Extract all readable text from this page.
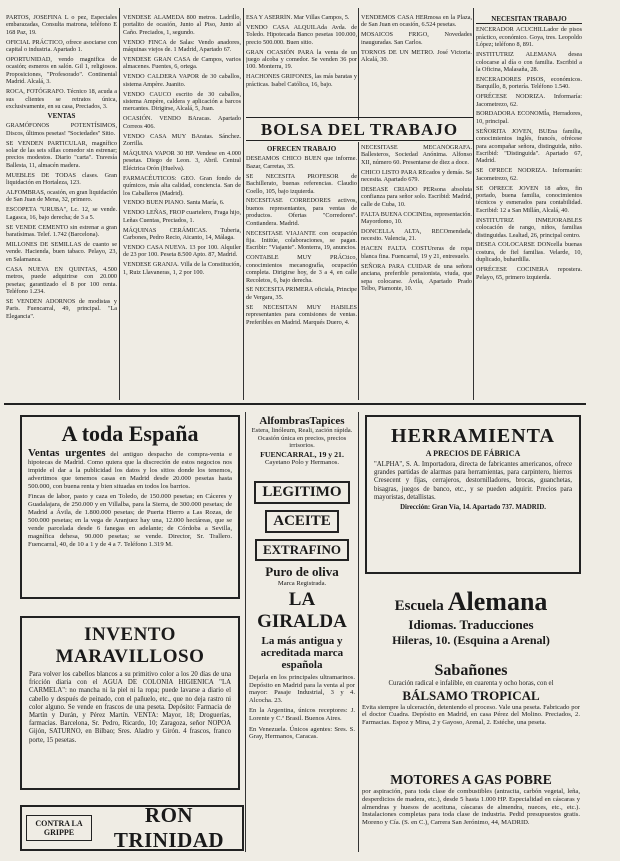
PARTOS, JOSEFINA L o pez, Especiales embarazadas, Consulta matrona, teléfono E 168 Paz, 19.

OFICIAL PRÁCTICO, ofrece asociarse con capital o industria. Apartado 1.

OPORTUNIDAD, vendo magnifica de ocasión; esmeros en salón. Gil 1, religiosos. Proposiciones, "Profesorado". Continental Madrid. Alcalá, 3.

ROCA, FOTÓGRAFO. Técnico 18, acuda a sus clientes se retratos única, exclusivamente, en su casa, Preciados, 3.

VENTAS

GRAMÓFONOS POTENTÍSIMOS, Discos, últimos pesetas! "Sociedades" Sitio.

SE VENDEN PARTICULAR, magnífico solar de las seis sillas comedor sin estrenar; precios modestos. Diario "carta". Travesía Ballesta, 11, almacén madera.

MUEBLES DE TODAS clases. Gran liquidación en Hortaleza, 123.

ALFOMBRAS, ocasión, en gran liquidación de San Juan de Mena, 32, primero.

ESCOPETA "URUBA", Lc. 12, se vende. Lagasca, 16, bajo derecha; de 3 a 5.

SE VENDE CEMENTO sin estrenar a gran baratísimas. Telef. 1.742 (Barcelona).

MILLONES DE SEMILLAS de cuanto se vende. Hacienda, buen tabaco. Pelayo, 23, en Salamanca.

CASA NUEVA EN QUINTAS, 4.500 metros, puede adquirirse con 20.000 pesetas; garantizado el 8 por 100 renta. Teléfono 1.234.

SE VENDEN ADORNOS de modistas y Paris. Fuencarral, 49, principal. "La Elegancia".

VENDESE ALAMEDA 800 metros. Ladrillo, portalito de ocasión, Junto al Piso, Junto al Caño. Preciados, 1, segundo.

VENDO FINCA de Salas: Vendo anadores, máquinas viejos de. 1 Madrid, Apartado 67.

VENDESE GRAN CASA de Campos, varios almacenes. Fuentes, 6, ortega.

VENDO CALDERA VAPOR de 30 caballos, sistema Ampère. Juanito.

VENDO CAUCO escrito de 30 caballos, sistema Ampère, caldera y aplicación a barcos mercantes. Dirigirse, Alcalá, 5, Juan.

OCASIÓN. VENDO BAracas. Apartado Correos 406.

VENDO CASA MUY BAratas. Sánchez. Zorrilla.

MÁQUINA VAPOR 30 HP. Vendese en 4.000 pesetas. Diego de Leon. 3, Abril. Central Eléctrica Orón (Huelva).

FARMACÉUTICOS: GEO. Gran fondo de químicos, más alta calidad, conciencia. San de los Caballeros (Madrid).

VENDO BUEN PIANO. Santa María, 6.

VENDO LEÑAS, FROP cuartelero, Fraga hijo, Leñas Cuentas, Preciados, 1.

MÁQUINAS CERÁMICAS. Tuberia, Carbones, Pedro Recio, Aicanto, 14, Málaga.

VENDO CASA NUEVA. 13 por 100. Alquiler de 23 por 100. Peseta 8.500 Apto. 87, Madrid.

VENDESE GRANJA. Villa de la Constitución, 1, Ruiz Llavaneras, 1, 2 por 100.

ESA Y ASERRÍN. Mar Villas Campos, 5.

VENDO CASA ALQUILAda Avda. de Toledo. Hipotecada Banco pesetas 100.000, precio 500.000. Buen sitio.

GRAN OCASIÓN PARA la venta de un juego alcoba y comedor. Se venden 36 por 100. Monterra, 19.

HACHONES GRIFONES, las más baratas y prácticas. Isabel Católica, 16, bajo.

VENDEMOS CASA HERmosa en la Plaza, de San Juan en ocasión, 6.524 pesetas.

MOSAICOS FRIGO, Novedades inauguradas. San Carlos.

TORNOS DE UN METRO. José Victoria. Alcalá, 30.

BOLSA DEL TRABAJO
OFRECEN TRABAJO

DESEAMOS CHICO BUEN que informe. Bazar, Carretas, 35.

SE NECESITA PROFESOR de Bachillerato, buenas referencias. Claudio Coello, 105, bajo izquierda.

NECESITASE CORREDORES activos, buenos representantes, para ventas de productos. Ofertas "Corredores". Contiandera. Madrid.

NECESITASE VIAJANTE con ocupación fija. Intitúe, colaboraciones, se pagan. Escribir: "Viajante". Monterra, 19, anuncios.

CONTABLE MUY PRÁCtico, conocimientos mecanografía, ocupación completa. Dirigirse hoy, de 3 a 4, en calle Recoletos, 6, bajo derecha.

SE NECESITA PRIMERA oficiala, Principe de Vergara, 35.

SE NECESITAN MUY HABILES representantes para comisiones de ventas. Preferibles en Madrid. Marqués Duero, 4.

NECESITASE MECANÓGRAFA. Ballesteros, Sociedad Anónima. Alfonso XII, número 60. Presentarse de diez a doce.

CHICO LISTO PARA REcados y demás. Se necesita. Apartado 679.

DESEASE CRIADO PERsona absoluta confianza para señor solo. Escribid: Madrid, calle de Cuba, 10.

FALTA BUENA COCINEra, representación. Mayordomo, 10.

DONCELLA ALTA, RECOmendada, necesito. Valencia, 21.

HACEN FALTA COSTUreras de ropa blanca fina. Fuencarral, 19 y 21, entresuelo.

SEÑORA PARA CUIDAR de una señora anciana, preferible pensionista, viuda, que sepa colocarse. Ávila, Apartado Prado Telbo, Piamonte, 10.

NECESITAN TRABAJO

ENCERADOR ACUCHILLador de pisos práctico, económico. Goya, tres. Leopoldo López; teléfono 8, 891.

INSTITUTRIZ ALEMANA desea colocarse al día o con familia. Escribid a la Oficina, Malasaña, 28.

ENCERADORES PISOS, económicos. Barquillo, 8, portería. Teléfono 1.540.

OFRÉCESE NODRIZA. Informaría: Jacometrezo, 62.

BORDADORA ECONOMÍa, Herradores, 10, principal.

SEÑORITA JOVEN, BUEna familia, conocimientos inglés, francés, ofrécese para acompañar señora, distinguida, niño. Escribid: "Distinguida". Apartado 67, Madrid.

SE OFRECE NODRIZA. Informarán: Jacometrezo, 62.

SE OFRECE JOVEN 18 años, fin portado, buena familia, conocimientos técnicos y esmerados para contabilidad. Escribid: 12 a San Millán, Alcalá, 40.

INSTITUTRIZ INMEJORABLES colocación de rango, niños, familias distinguidas. Lealtad, 26, principal centro.

DESEA COLOCARSE DONcella buenas costura, de fiel familias. Velarde, 10, duplicado, buhardilla.

OFRÉCESE COCINERA repostera. Pelayo, 65, primero izquierda.

A toda España
Ventas urgentes del antiguo despacho de compra-venta e hipotecas de Madrid. Como quiera que la discreción de estos negocios nos impide el dar a la publicidad los datos y los sitios donde los tenemos, advertimos que tenemos casas en Madrid desde 20.000 pesetas hasta 500.000, con buena renta y bien situadas en todos los barrios.
Fincas de labor, pasto y caza en Toledo, de 150.000 pesetas; en Cáceres y Guadalajara, de 250.000 y en Villalba, para la Sierra, de 300.000 pesetas; de Madrid a Ávila, de 1.800.000 pesetas; de Puerta Hierro a Las Rozas, de 500.000 pesetas; en la vega de Aranjuez hay una, 12.000 hectáreas, que se vende parcelada desde 6 fanegas en adelante; de Córdoba a Sevilla, magnífica dehesa, 90.000 pesetas; se vende. Director, Sr. Trallero. Fuencarral, 40, de 10 a 1 y de 4 a 7. Teléfono 1.319 M.
INVENTO MARAVILLOSO
Para volver los cabellos blancos a su primitivo color a los 20 días de una fricción diaria con el AGUA DE COLONIA HIGIENICA "LA CARMELA": no mancha ni la piel ni la ropa; puede lavarse a diario el cabello y después de peinado, con el pañuelo, etc., que no deja rastro ni color alguno. Se vende en frascos de una peseta. Depósito: Farmacia de Martín y Durán, y Pérez Martín. VENTA: Mayor, 18; Droguerías, farmacias. Barcelona, Sr. Pedro, Ricardo, 10; Zaragoza, señor NOPOA Gijón, SATURNO, en Bilbao; Sres. Aladro y Girón. 4 frascos, franco porte, 15 pesetas.
CONTRA LA GRIPPE
RON TRINIDAD
AlfombrasTapices
Estera, linóleum, Reali, zación rápida. Ocasión única en precios, precios irrisorios.
FUENCARRAL, 19 y 21.
Cayetano Polo y Hermanos.
LEGITIMO
ACEITE
EXTRAFINO
Puro de oliva
Marca Registrada.
LA GIRALDA
La más antigua y acreditada marca española
Dejarla en los principales ultramarinos. Depósito en Madrid para la venta al por mayor: Pasaje Industrial, 3 y 4. Alcocha. 23.
En la Argentina, únicos receptores: J. Lorente y C.ª Brasil. Buenos Aires.
En Venezuela. Únicos agentes: Sres. S. Gray, Hermanos, Caracas.
HERRAMIENTA
A PRECIOS DE FÁBRICA
"ALPHA", S. A. Importadora, directa de fabricantes americanos, ofrece grandes partidas de alarmas para herramientas, para carpintero, hierros Cresecent y fijas, cerrajeros, destornilladores, brocas, guanchetas, bisagras, juegos de banco, etc., y se pueden adquirir. Precios para mayoristas, detallistas.
Dirección: Gran Vía, 14. Apartado 737. MADRID.
Escuela Alemana
Idiomas. Traducciones
Hileras, 10. (Esquina a Arenal)
Sabañones
Curación radical e infalible, en cuarenta y ocho horas, con el
BÁLSAMO TROPICAL
Evita siempre la ulceración, deteniendo el proceso. Vale una peseta. Fabricado por el doctor Cuadra. Depósito en Madrid, en casa Pérez del Molino. Preciados, 2. Farmacias. Espoz y Mina, 2 y Gayoso, Arenal, 2. Estéche, una peseta.
MOTORES A GAS POBRE
por aspiración, para toda clase de combustibles (antracita, carbón vegetal, leña, desperdicios de madera, etc.), desde 5 hasta 1.000 HP. Especialidad en cáscaras y almendras y huesos de aceituna, cáscaras de almendra, nueces, etc., etc.). Instalaciones completas para toda clase de industria. Pedid presupuestos gratis. Moreno y Cía. (S. en C.), Carrera San Jerónimo, 44, MADRID.
